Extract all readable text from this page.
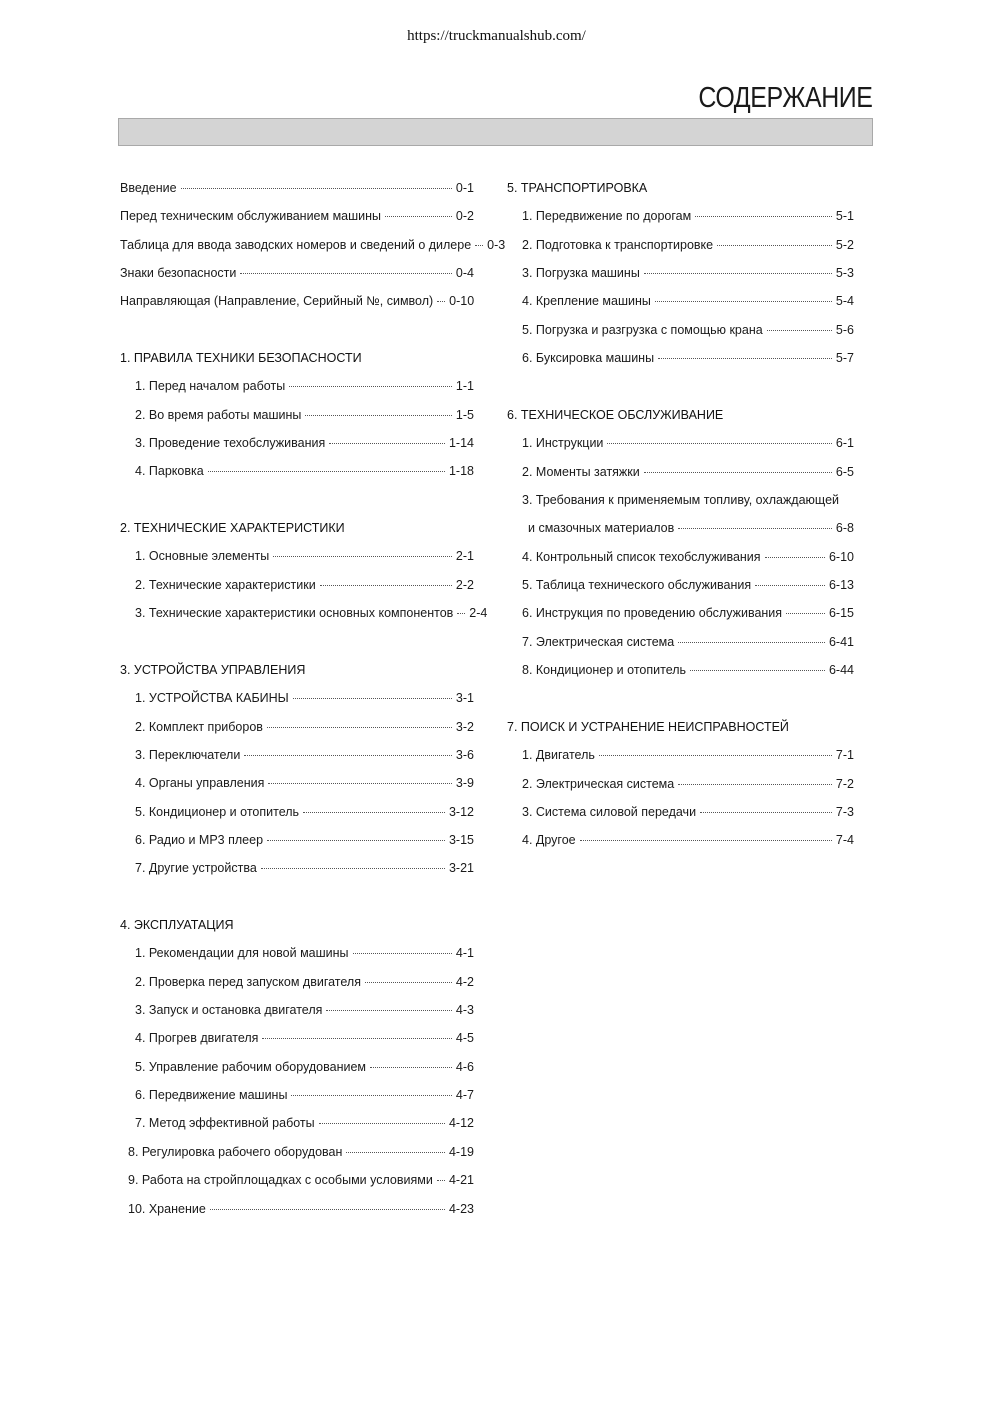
https://truckmanualshub.com/
СОДЕРЖАНИЕ
Введение	0-1
Перед техническим обслуживанием машины	0-2
Таблица для ввода заводских номеров и сведений о дилере 0-3
Знаки безопасности	0-4
Направляющая (Направление, Серийный №, символ) 0-10
1. ПРАВИЛА ТЕХНИКИ БЕЗОПАСНОСТИ
1. Перед началом работы	1-1
2. Во время работы машины	1-5
3. Проведение техобслуживания	1-14
4. Парковка	1-18
2. ТЕХНИЧЕСКИЕ ХАРАКТЕРИСТИКИ
1. Основные элементы	2-1
2. Технические характеристики	2-2
3. Технические характеристики основных компонентов 2-4
3. УСТРОЙСТВА УПРАВЛЕНИЯ
1. УСТРОЙСТВА КАБИНЫ	3-1
2. Комплект приборов	3-2
3. Переключатели	3-6
4. Органы управления	3-9
5. Кондиционер и отопитель	3-12
6. Радио и MP3 плеер	3-15
7. Другие устройства	3-21
4. ЭКСПЛУАТАЦИЯ
1. Рекомендации для новой машины	4-1
2. Проверка перед запуском двигателя	4-2
3. Запуск и остановка двигателя	4-3
4. Прогрев двигателя	4-5
5. Управление рабочим оборудованием	4-6
6. Передвижение машины	4-7
7. Метод эффективной работы	4-12
8. Регулировка рабочего оборудован	4-19
9. Работа на стройплощадках с особыми условиями 4-21
10. Хранение	4-23
5. ТРАНСПОРТИРОВКА
1. Передвижение по дорогам	5-1
2. Подготовка к транспортировке	5-2
3. Погрузка машины	5-3
4. Крепление машины	5-4
5. Погрузка и разгрузка с помощью крана	5-6
6. Буксировка машины	5-7
6. ТЕХНИЧЕСКОЕ ОБСЛУЖИВАНИЕ
1. Инструкции	6-1
2. Моменты затяжки	6-5
3. Требования к применяемым топливу, охлаждающей
и смазочных материалов	6-8
4. Контрольный список техобслуживания	6-10
5. Таблица технического обслуживания	6-13
6. Инструкция по проведению обслуживания	6-15
7. Электрическая система	6-41
8. Кондиционер и отопитель	6-44
7. ПОИСК И УСТРАНЕНИЕ НЕИСПРАВНОСТЕЙ
1. Двигатель	7-1
2. Электрическая система	7-2
3. Система силовой передачи	7-3
4. Другое	7-4
